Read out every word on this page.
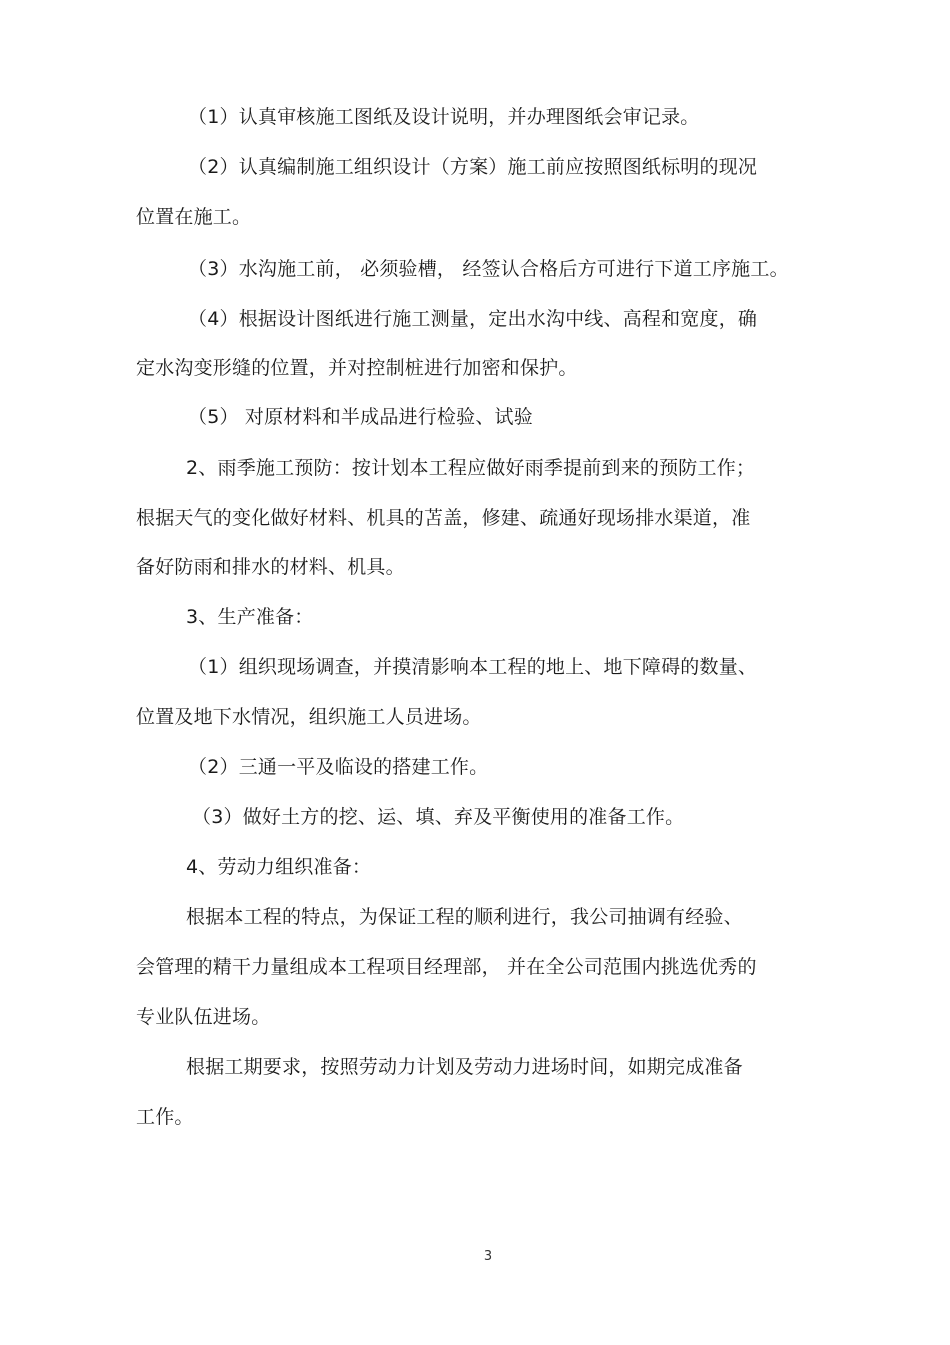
（1）认真审核施工图纸及设计说明，并办理图纸会审记录。
（2）认真编制施工组织设计（方案）施工前应按照图纸标明的现况
位置在施工。
（3）水沟施工前， 必须验槽， 经签认合格后方可进行下道工序施工。
（4）根据设计图纸进行施工测量，定出水沟中线、高程和宽度，确
定水沟变形缝的位置，并对控制桩进行加密和保护。
（5） 对原材料和半成品进行检验、试验
2、雨季施工预防：按计划本工程应做好雨季提前到来的预防工作；
根据天气的变化做好材料、机具的苫盖，修建、疏通好现场排水渠道，准
备好防雨和排水的材料、机具。
3、生产准备：
（1）组织现场调查，并摸清影响本工程的地上、地下障碍的数量、
位置及地下水情况，组织施工人员进场。
（2）三通一平及临设的搭建工作。
（3）做好土方的挖、运、填、弃及平衡使用的准备工作。
4、劳动力组织准备：
根据本工程的特点，为保证工程的顺利进行，我公司抽调有经验、
会管理的精干力量组成本工程项目经理部， 并在全公司范围内挑选优秀的
专业队伍进场。
根据工期要求，按照劳动力计划及劳动力进场时间，如期完成准备
工作。
3
